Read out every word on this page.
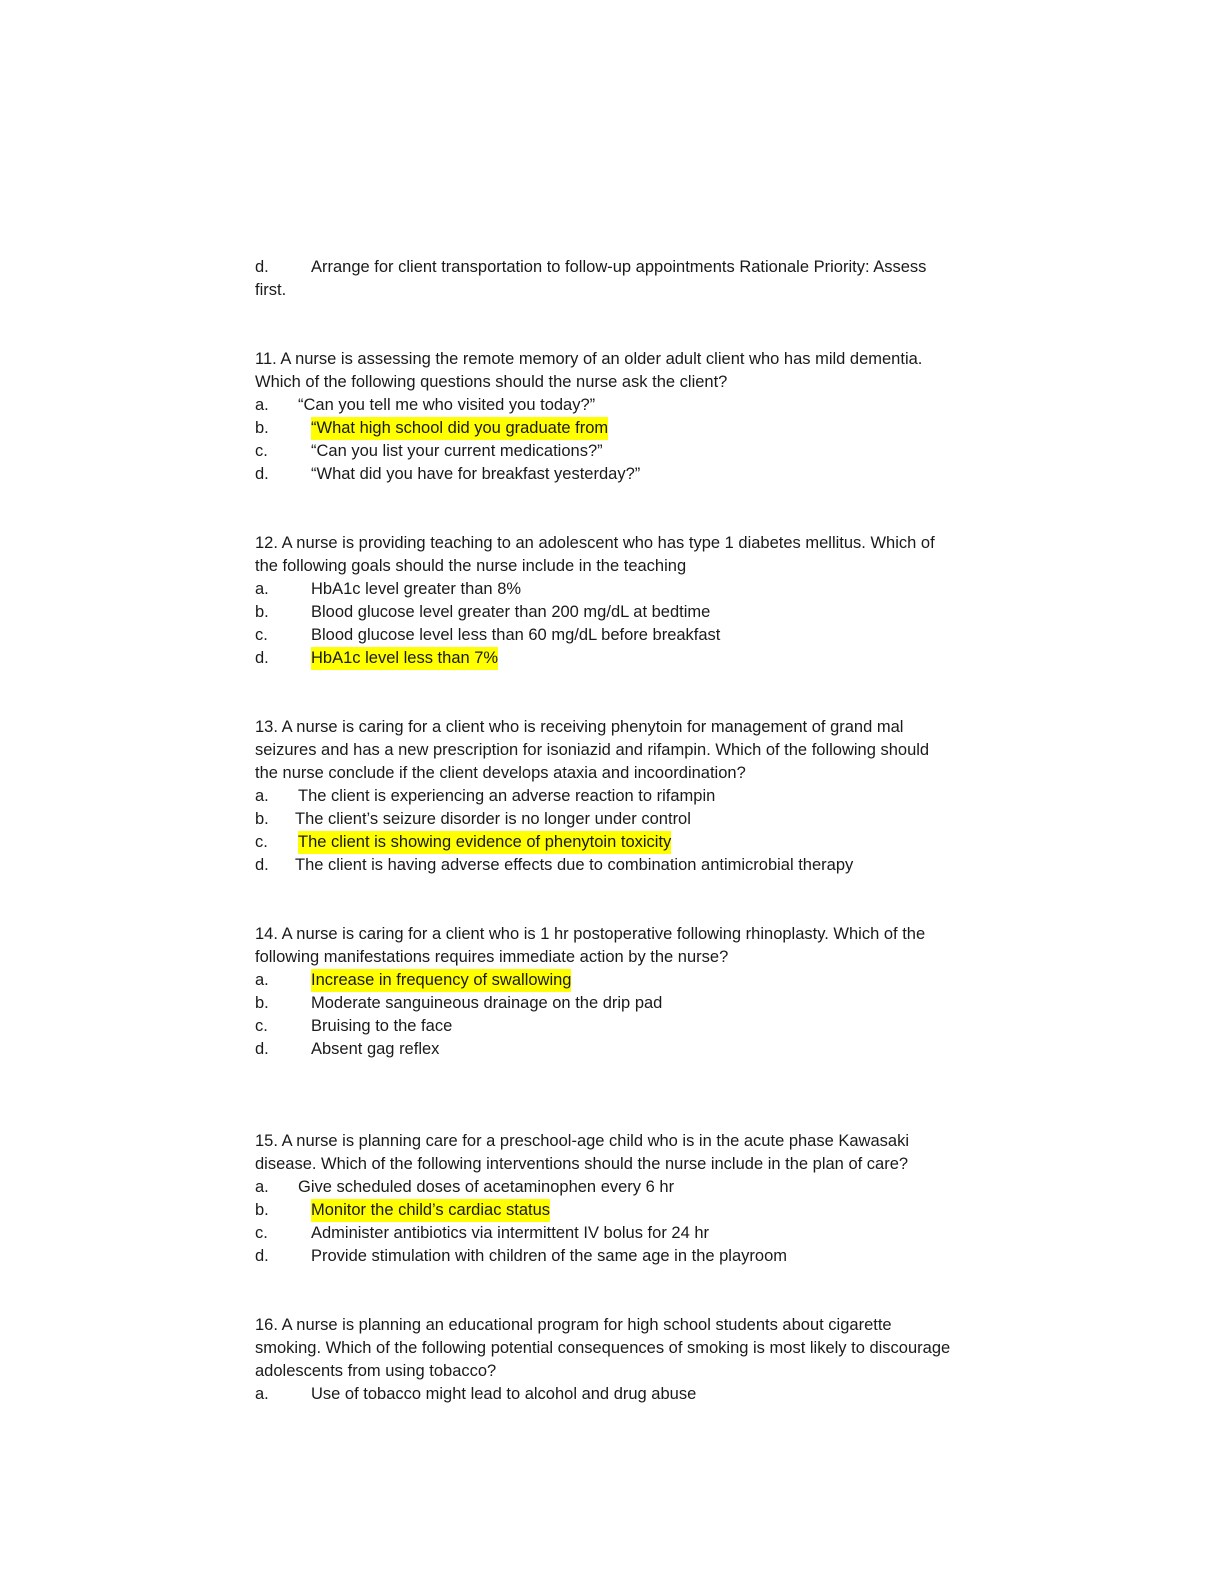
d.	Arrange for client transportation to follow-up appointments Rationale Priority: Assess
first.
11. A nurse is assessing the remote memory of an older adult client who has mild dementia.
Which of the following questions should the nurse ask the client?
a. “Can you tell me who visited you today?”
b.	“What high school did you graduate from
c.	“Can you list your current medications?”
d.	“What did you have for breakfast yesterday?”
12. A nurse is providing teaching to an adolescent who has type 1 diabetes mellitus. Which of
the following goals should the nurse include in the teaching
a.	HbA1c level greater than 8%
b.	Blood glucose level greater than 200 mg/dL at bedtime
c.	Blood glucose level less than 60 mg/dL before breakfast
d.	HbA1c level less than 7%
13. A nurse is caring for a client who is receiving phenytoin for management of grand mal
seizures and has a new prescription for isoniazid and rifampin. Which of the following should
the nurse conclude if the client develops ataxia and incoordination?
a. The client is experiencing an adverse reaction to rifampin
b. The client’s seizure disorder is no longer under control
c. The client is showing evidence of phenytoin toxicity
d. The client is having adverse effects due to combination antimicrobial therapy
14. A nurse is caring for a client who is 1 hr postoperative following rhinoplasty. Which of the
following manifestations requires immediate action by the nurse?
a.	Increase in frequency of swallowing
b.	Moderate sanguineous drainage on the drip pad
c.	Bruising to the face
d.	Absent gag reflex
15. A nurse is planning care for a preschool-age child who is in the acute phase Kawasaki
disease. Which of the following interventions should the nurse include in the plan of care?
a. Give scheduled doses of acetaminophen every 6 hr
b.	Monitor the child’s cardiac status
c.	Administer antibiotics via intermittent IV bolus for 24 hr
d.	Provide stimulation with children of the same age in the playroom
16. A nurse is planning an educational program for high school students about cigarette
smoking. Which of the following potential consequences of smoking is most likely to discourage
adolescents from using tobacco?
a.	Use of tobacco might lead to alcohol and drug abuse
